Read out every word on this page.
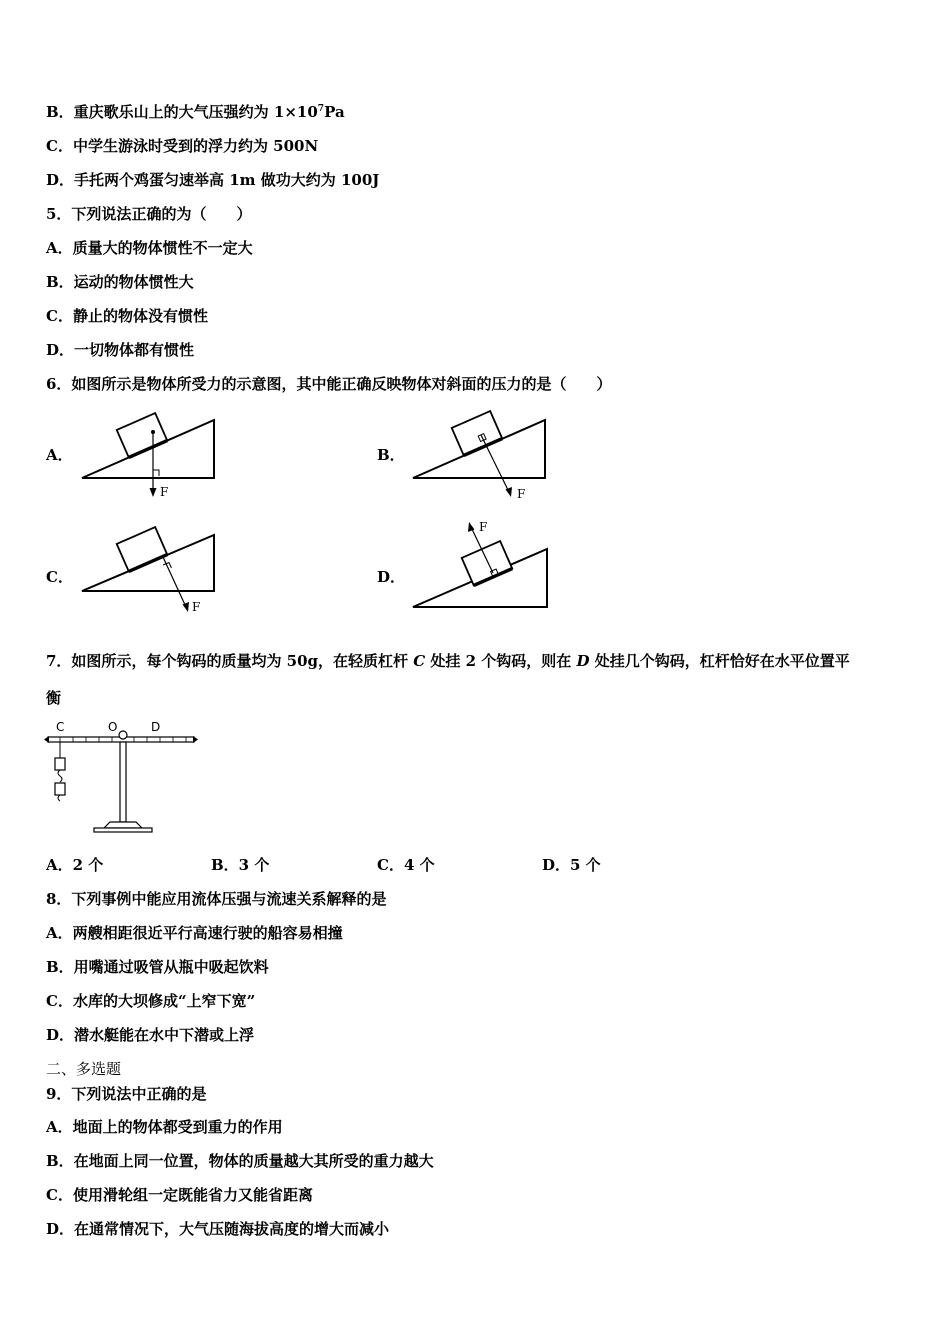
B．重庆歌乐山上的大气压强约为 $1\times 10^7Pa$
C．中学生游泳时受到的浮力约为 500N
D．手托两个鸡蛋匀速举高 1m 做功大约为 100J
5．下列说法正确的为（　　）
A．质量大的物体惯性不一定大
B．运动的物体惯性大
C．静止的物体没有惯性
D．一切物体都有惯性
6．如图所示是物体所受力的示意图，其中能正确反映物体对斜面的压力的是（　　）
A．
F
B．
F
C．
F
D．
F
7．如图所示，每个钩码的质量均为 50g，在轻质杠杆 C 处挂 2 个钩码，则在 D 处挂几个钩码，杠杆恰好在水平位置平
衡
C	O	D
A．2 个	B．3 个	C．4 个	D．5 个
8．下列事例中能应用流体压强与流速关系解释的是
A．两艘相距很近平行高速行驶的船容易相撞
B．用嘴通过吸管从瓶中吸起饮料
C．水库的大坝修成“上窄下宽”
D．潜水艇能在水中下潜或上浮
二、多选题
9．下列说法中正确的是
A．地面上的物体都受到重力的作用
B．在地面上同一位置，物体的质量越大其所受的重力越大
C．使用滑轮组一定既能省力又能省距离
D．在通常情况下，大气压随海拔高度的增大而减小
